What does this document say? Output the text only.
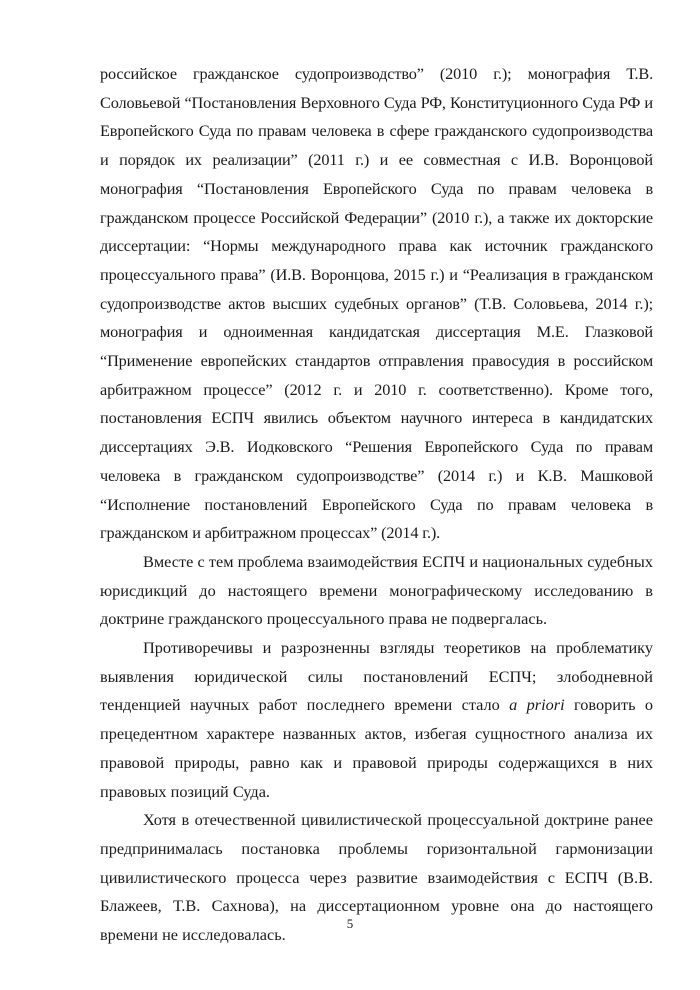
российское гражданское судопроизводство” (2010 г.); монография Т.В. Соловьевой “Постановления Верховного Суда РФ, Конституционного Суда РФ и Европейского Суда по правам человека в сфере гражданского судопроизводства и порядок их реализации” (2011 г.) и ее совместная с И.В. Воронцовой монография “Постановления Европейского Суда по правам человека в гражданском процессе Российской Федерации” (2010 г.), а также их докторские диссертации: “Нормы международного права как источник гражданского процессуального права” (И.В. Воронцова, 2015 г.) и “Реализация в гражданском судопроизводстве актов высших судебных органов” (Т.В. Соловьева, 2014 г.); монография и одноименная кандидатская диссертация М.Е. Глазковой “Применение европейских стандартов отправления правосудия в российском арбитражном процессе” (2012 г. и 2010 г. соответственно). Кроме того, постановления ЕСПЧ явились объектом научного интереса в кандидатских диссертациях Э.В. Иодковского “Решения Европейского Суда по правам человека в гражданском судопроизводстве” (2014 г.) и К.В. Машковой “Исполнение постановлений Европейского Суда по правам человека в гражданском и арбитражном процессах” (2014 г.).

Вместе с тем проблема взаимодействия ЕСПЧ и национальных судебных юрисдикций до настоящего времени монографическому исследованию в доктрине гражданского процессуального права не подвергалась.

Противоречивы и разрозненны взгляды теоретиков на проблематику выявления юридической силы постановлений ЕСПЧ; злободневной тенденцией научных работ последнего времени стало a priori говорить о прецедентном характере названных актов, избегая сущностного анализа их правовой природы, равно как и правовой природы содержащихся в них правовых позиций Суда.

Хотя в отечественной цивилистической процессуальной доктрине ранее предпринималась постановка проблемы горизонтальной гармонизации цивилистического процесса через развитие взаимодействия с ЕСПЧ (В.В. Блажеев, Т.В. Сахнова), на диссертационном уровне она до настоящего времени не исследовалась.

5
